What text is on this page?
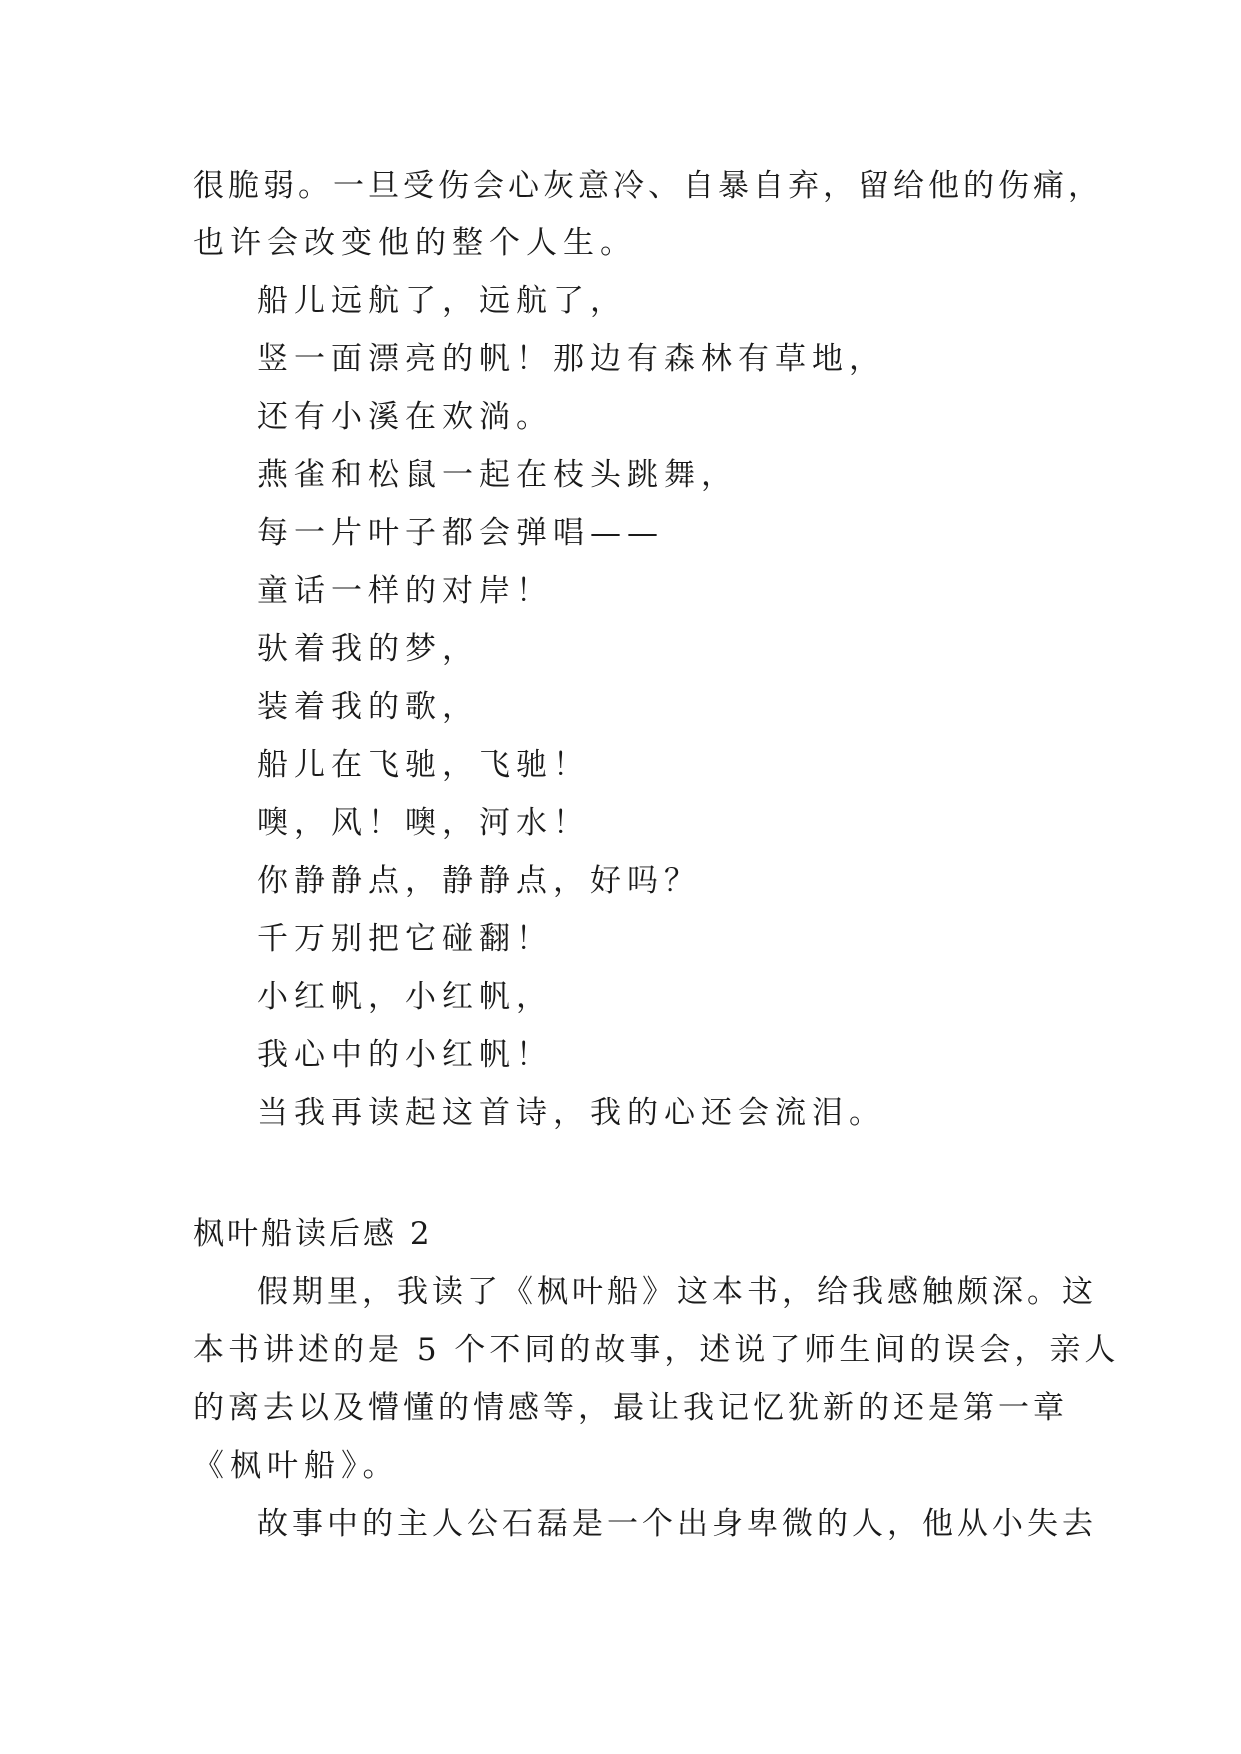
很脆弱。一旦受伤会心灰意冷、自暴自弃，留给他的伤痛，
也许会改变他的整个人生。
船儿远航了，远航了，
竖一面漂亮的帆！那边有森林有草地，
还有小溪在欢淌。
燕雀和松鼠一起在枝头跳舞，
每一片叶子都会弹唱——
童话一样的对岸！
驮着我的梦，
装着我的歌，
船儿在飞驰，飞驰！
噢，风！噢，河水！
你静静点，静静点，好吗？
千万别把它碰翻！
小红帆，小红帆，
我心中的小红帆！
当我再读起这首诗，我的心还会流泪。
枫叶船读后感 2
假期里，我读了《枫叶船》这本书，给我感触颇深。这
本书讲述的是 5 个不同的故事，述说了师生间的误会，亲人
的离去以及懵懂的情感等，最让我记忆犹新的还是第一章
《枫叶船》。
故事中的主人公石磊是一个出身卑微的人，他从小失去
